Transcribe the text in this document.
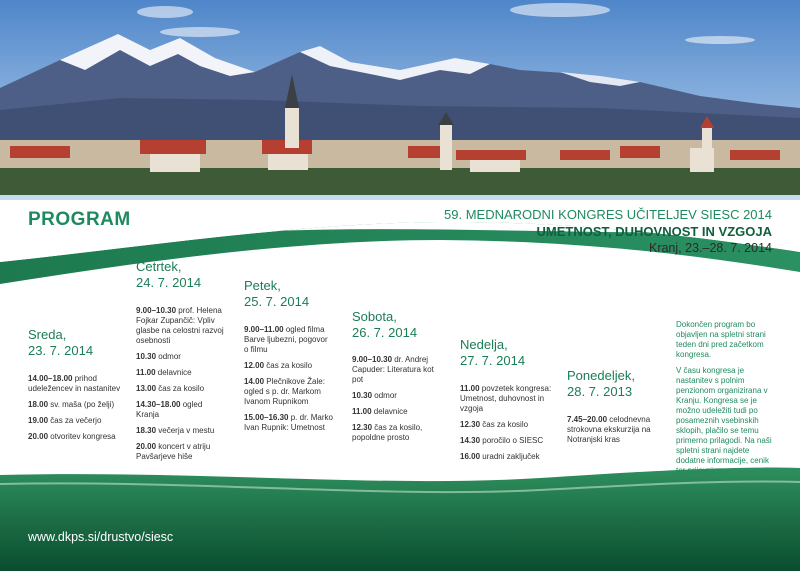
PROGRAM	59. MEDNARODNI KONGRES UČITELJEV SIESC 2014
UMETNOST, DUHOVNOST IN VZGOJA
Kranj, 23.–28. 7. 2014
Sreda,
23. 7. 2014
Četrtek,
24. 7. 2014	Petek,
25. 7. 2014
Sobota,
26. 7. 2014
Nedelja,
27. 7. 2014
Ponedeljek,
28. 7. 2013
14.00–18.00 prihod
udeležencev in nastanitev
18.00 sv. maša (po želji)
19.00 čas za večerjo
20.00 otvoritev kongresa
9.00–10.30 prof. Helena
Fojkar Zupančič: Vpliv
glasbe na celostni razvoj
osebnosti
10.30 odmor
11.00 delavnice
13.00 čas za kosilo
14.30–18.00 ogled
Kranja
18.30 večerja v mestu
20.00 koncert v atriju
Pavšarjeve hiše
9.00–11.00 ogled filma
Barve ljubezni, pogovor
o filmu
12.00 čas za kosilo
14.00 Plečnikove Žale:
ogled s p. dr. Markom
Ivanom Rupnikom
15.00–16.30 p. dr. Marko
Ivan Rupnik: Umetnost
9.00–10.30 dr. Andrej
Capuder: Literatura kot
pot
10.30 odmor
11.00 delavnice
12.30 čas za kosilo,
popoldne prosto
11.00 povzetek kongresa:
Umetnost, duhovnost in
vzgoja
12.30 čas za kosilo
14.30 poročilo o SIESC
16.00 uradni zaključek
7.45–20.00 celodnevna
strokovna ekskurzija na
Notranjski kras

Dokončen program bo objavljen na spletni strani teden dni pred začetkom kongresa.

V času kongresa je nastanitev s polnim penzionom organizirana v Kranju. Kongresa se je možno udeležiti tudi po posameznih vsebinskih sklopih, plačilo se temu primerno prilagodi. Na naši spletni strani najdete dodatne informacije, cenik ter prijavnico.

www.dkps.si/drustvo/siesc
